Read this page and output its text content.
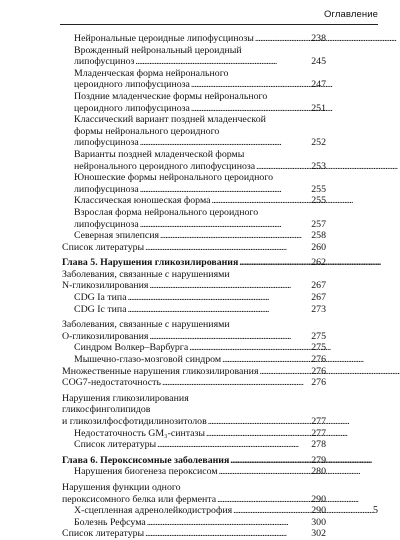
Оглавление
Нейрональные цероидные липофусцинозы . . .	238
Врожденный нейрональный цероидный
липофусциноз . . .	245
Младенческая форма нейронального
цероидного липофусциноза . . .	247
Поздние младенческие формы нейронального
цероидного липофусциноза . . .	251
Классический вариант поздней младенческой
формы нейронального цероидного
липофусциноза . . .	252
Варианты поздней младенческой формы
нейронального цероидного липофусциноза . . .	253
Юношеские формы нейронального цероидного
липофусциноза . . .	255
Классическая юношеская форма . . .	255
Взрослая форма нейронального цероидного
липофусциноза . . .	257
Северная эпилепсия . . .	258
Список литературы . . .	260
Глава 5. Нарушения гликозилирования . . .	262
Заболевания, связанные с нарушениями
N-гликозилирования . . .	267
CDG Ia типа . . .	267
CDG Ic типа . . .	273
Заболевания, связанные с нарушениями
O-гликозилирования . . .	275
Синдром Волкер–Варбурга . . .	275
Мышечно-глазо-мозговой синдром . . .	276
Множественные нарушения гликозилирования . . .	276
COG7-недостаточность . . .	276
Нарушения гликозилирования
гликосфинголипидов
и гликозилфосфотидилинозитолов . . .	277
Недостаточность GM₃-синтазы . . .	277
Список литературы . . .	278
Глава 6. Пероксисомные заболевания . . .	279
Нарушения биогенеза пероксисом . . .	280
Нарушения функции одного
пероксисомного белка или фермента . . .	290
X-сцепленная адренолейкодистрофия . . .	290
Болезнь Рефсума . . .	300
Список литературы . . .	302
5
